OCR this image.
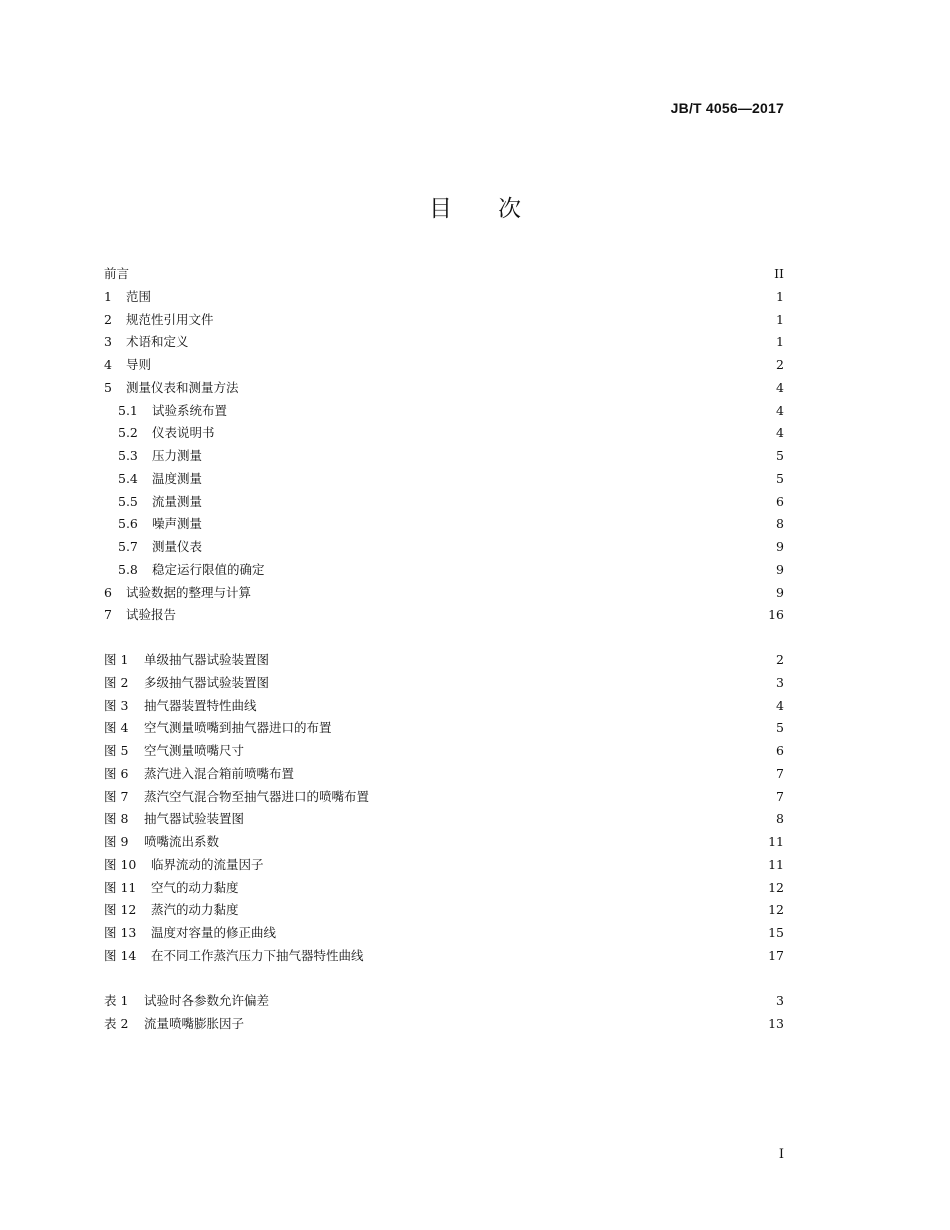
JB/T 4056—2017
目次
前言	II
1	范围	1
2	规范性引用文件	1
3	术语和定义	1
4	导则	2
5	测量仪表和测量方法	4
5.1	试验系统布置	4
5.2	仪表说明书	4
5.3	压力测量	5
5.4	温度测量	5
5.5	流量测量	6
5.6	噪声测量	8
5.7	测量仪表	9
5.8	稳定运行限值的确定	9
6	试验数据的整理与计算	9
7	试验报告	16
图 1	单级抽气器试验装置图	2
图 2	多级抽气器试验装置图	3
图 3	抽气器装置特性曲线	4
图 4	空气测量喷嘴到抽气器进口的布置	5
图 5	空气测量喷嘴尺寸	6
图 6	蒸汽进入混合箱前喷嘴布置	7
图 7	蒸汽空气混合物至抽气器进口的喷嘴布置	7
图 8	抽气器试验装置图	8
图 9	喷嘴流出系数	11
图 10	临界流动的流量因子	11
图 11	空气的动力黏度	12
图 12	蒸汽的动力黏度	12
图 13	温度对容量的修正曲线	15
图 14	在不同工作蒸汽压力下抽气器特性曲线	17
表 1	试验时各参数允许偏差	3
表 2	流量喷嘴膨胀因子	13
I
